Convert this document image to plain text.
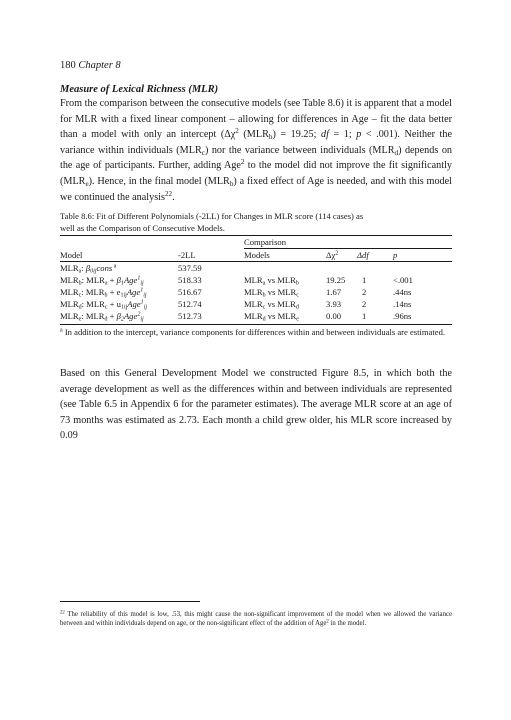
180 Chapter 8
Measure of Lexical Richness (MLR)

From the comparison between the consecutive models (see Table 8.6) it is apparent that a model for MLR with a fixed linear component – allowing for differences in Age – fit the data better than a model with only an intercept ($\Delta\chi^2$ $(MLR_b) = 19.25$; df = 1; p < .001). Neither the variance within individuals $(MLR_c)$ nor the variance between individuals $(MLR_d)$ depends on the age of participants. Further, adding Age$^2$ to the model did not improve the fit significantly $(MLR_e)$. Hence, in the final model $(MLR_b)$ a fixed effect of Age is needed, and with this model we continued the analysis$^{22}$.

Table 8.6: Fit of Different Polynomials (-2LL) for Changes in MLR score (114 cases) as
well as the Comparison of Consecutive Models.
Comparison
Model	-2LL	Models	$\Delta\chi^2$ Δdf	p
$MLR_a$: $\beta_{0ij}cons$ $^a$	537.59
$MLR_b$: $MLR_a + \beta_1Age^1_{ij}$	518.33	$MLR_a$ vs $MLR_b$	19.25 1	<.001
$MLR_c$: $MLR_b + e_{1ij}Age^1_{ij}$	516.67	$MLR_b$ vs $MLR_c$	1.67 2	.44ns
$MLR_d$: $MLR_c + u_{1ij}Age^1_{ij}$	512.74	$MLR_c$ vs $MLR_d$	3.93 2	.14ns
$MLR_e$: $MLR_d + \beta_2Age^2_{ij}$	512.73	$MLR_d$ vs $MLR_e$	0.00 1	.96ns
$^a$ In addition to the intercept, variance components for differences within and between individuals are estimated.

Based on this General Development Model we constructed Figure 8.5, in which both the average development as well as the differences within and between individuals are represented (see Table 6.5 in Appendix 6 for the parameter estimates). The average MLR score at an age of 73 months was estimated as 2.73. Each month a child grew older, his MLR score increased by 0.09

$^{22}$ The reliability of this model is low, .53, this might cause the non-significant improvement of the model when we allowed the variance between and within individuals depend on age, or the non-significant effect of the addition of Age$^2$ in the model.
